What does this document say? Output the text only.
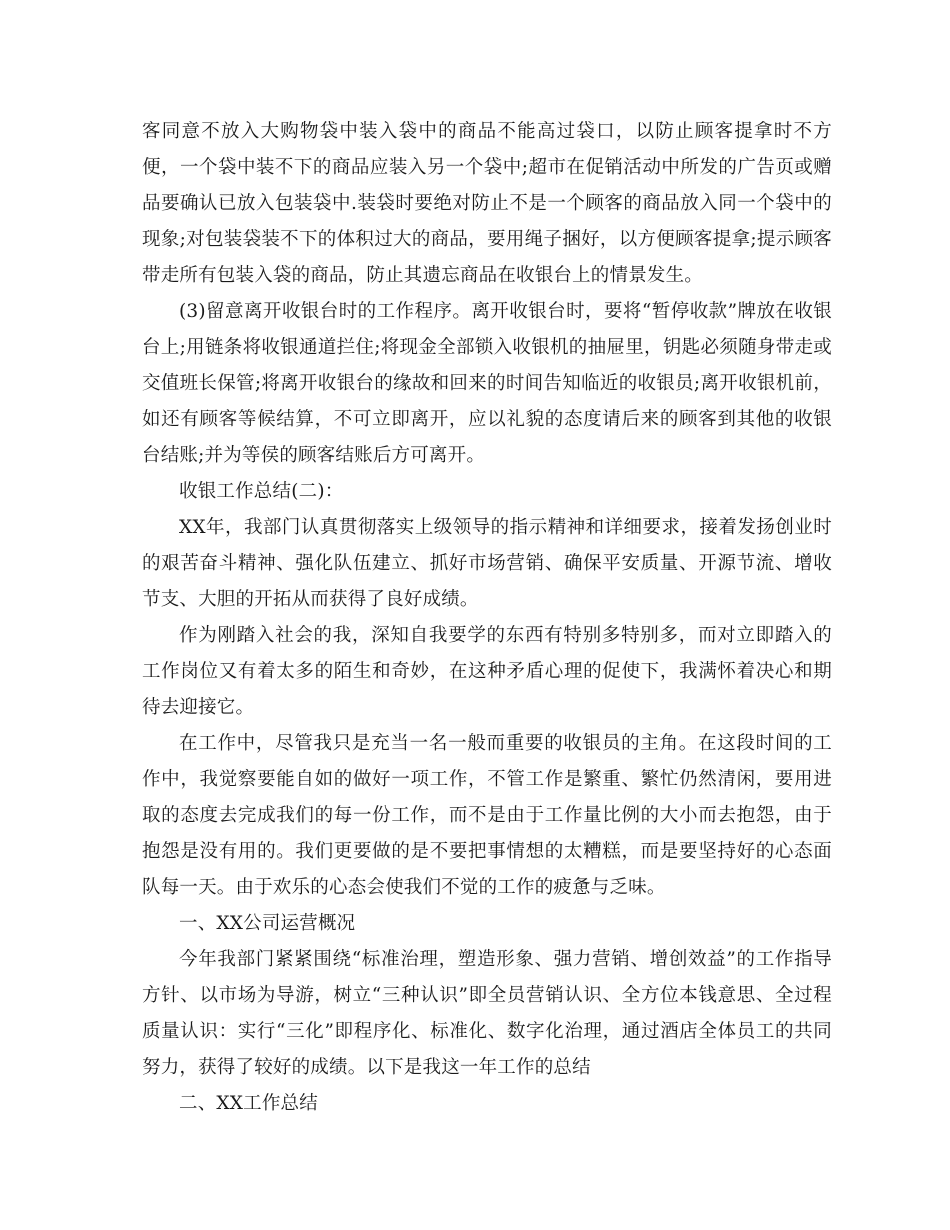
客同意不放入大购物袋中装入袋中的商品不能高过袋口，以防止顾客提拿时不方便，一个袋中装不下的商品应装入另一个袋中;超市在促销活动中所发的广告页或赠品要确认已放入包装袋中.装袋时要绝对防止不是一个顾客的商品放入同一个袋中的现象;对包装袋装不下的体积过大的商品，要用绳子捆好，以方便顾客提拿;提示顾客带走所有包装入袋的商品，防止其遗忘商品在收银台上的情景发生。

(3)留意离开收银台时的工作程序。离开收银台时，要将“暂停收款”牌放在收银台上;用链条将收银通道拦住;将现金全部锁入收银机的抽屉里，钥匙必须随身带走或交值班长保管;将离开收银台的缘故和回来的时间告知临近的收银员;离开收银机前，如还有顾客等候结算，不可立即离开，应以礼貌的态度请后来的顾客到其他的收银台结账;并为等侯的顾客结账后方可离开。

收银工作总结(二)：

XX年，我部门认真贯彻落实上级领导的指示精神和详细要求，接着发扬创业时的艰苦奋斗精神、强化队伍建立、抓好市场营销、确保平安质量、开源节流、增收节支、大胆的开拓从而获得了良好成绩。

作为刚踏入社会的我，深知自我要学的东西有特别多特别多，而对立即踏入的工作岗位又有着太多的陌生和奇妙，在这种矛盾心理的促使下，我满怀着决心和期待去迎接它。

在工作中，尽管我只是充当一名一般而重要的收银员的主角。在这段时间的工作中，我觉察要能自如的做好一项工作，不管工作是繁重、繁忙仍然清闲，要用进取的态度去完成我们的每一份工作，而不是由于工作量比例的大小而去抱怨，由于抱怨是没有用的。我们更要做的是不要把事情想的太糟糕，而是要坚持好的心态面队每一天。由于欢乐的心态会使我们不觉的工作的疲惫与乏味。

一、XX公司运营概况

今年我部门紧紧围绕“标准治理，塑造形象、强力营销、增创效益”的工作指导方针、以市场为导游，树立“三种认识”即全员营销认识、全方位本钱意思、全过程质量认识：实行“三化”即程序化、标准化、数字化治理，通过酒店全体员工的共同努力，获得了较好的成绩。以下是我这一年工作的总结

二、XX工作总结
